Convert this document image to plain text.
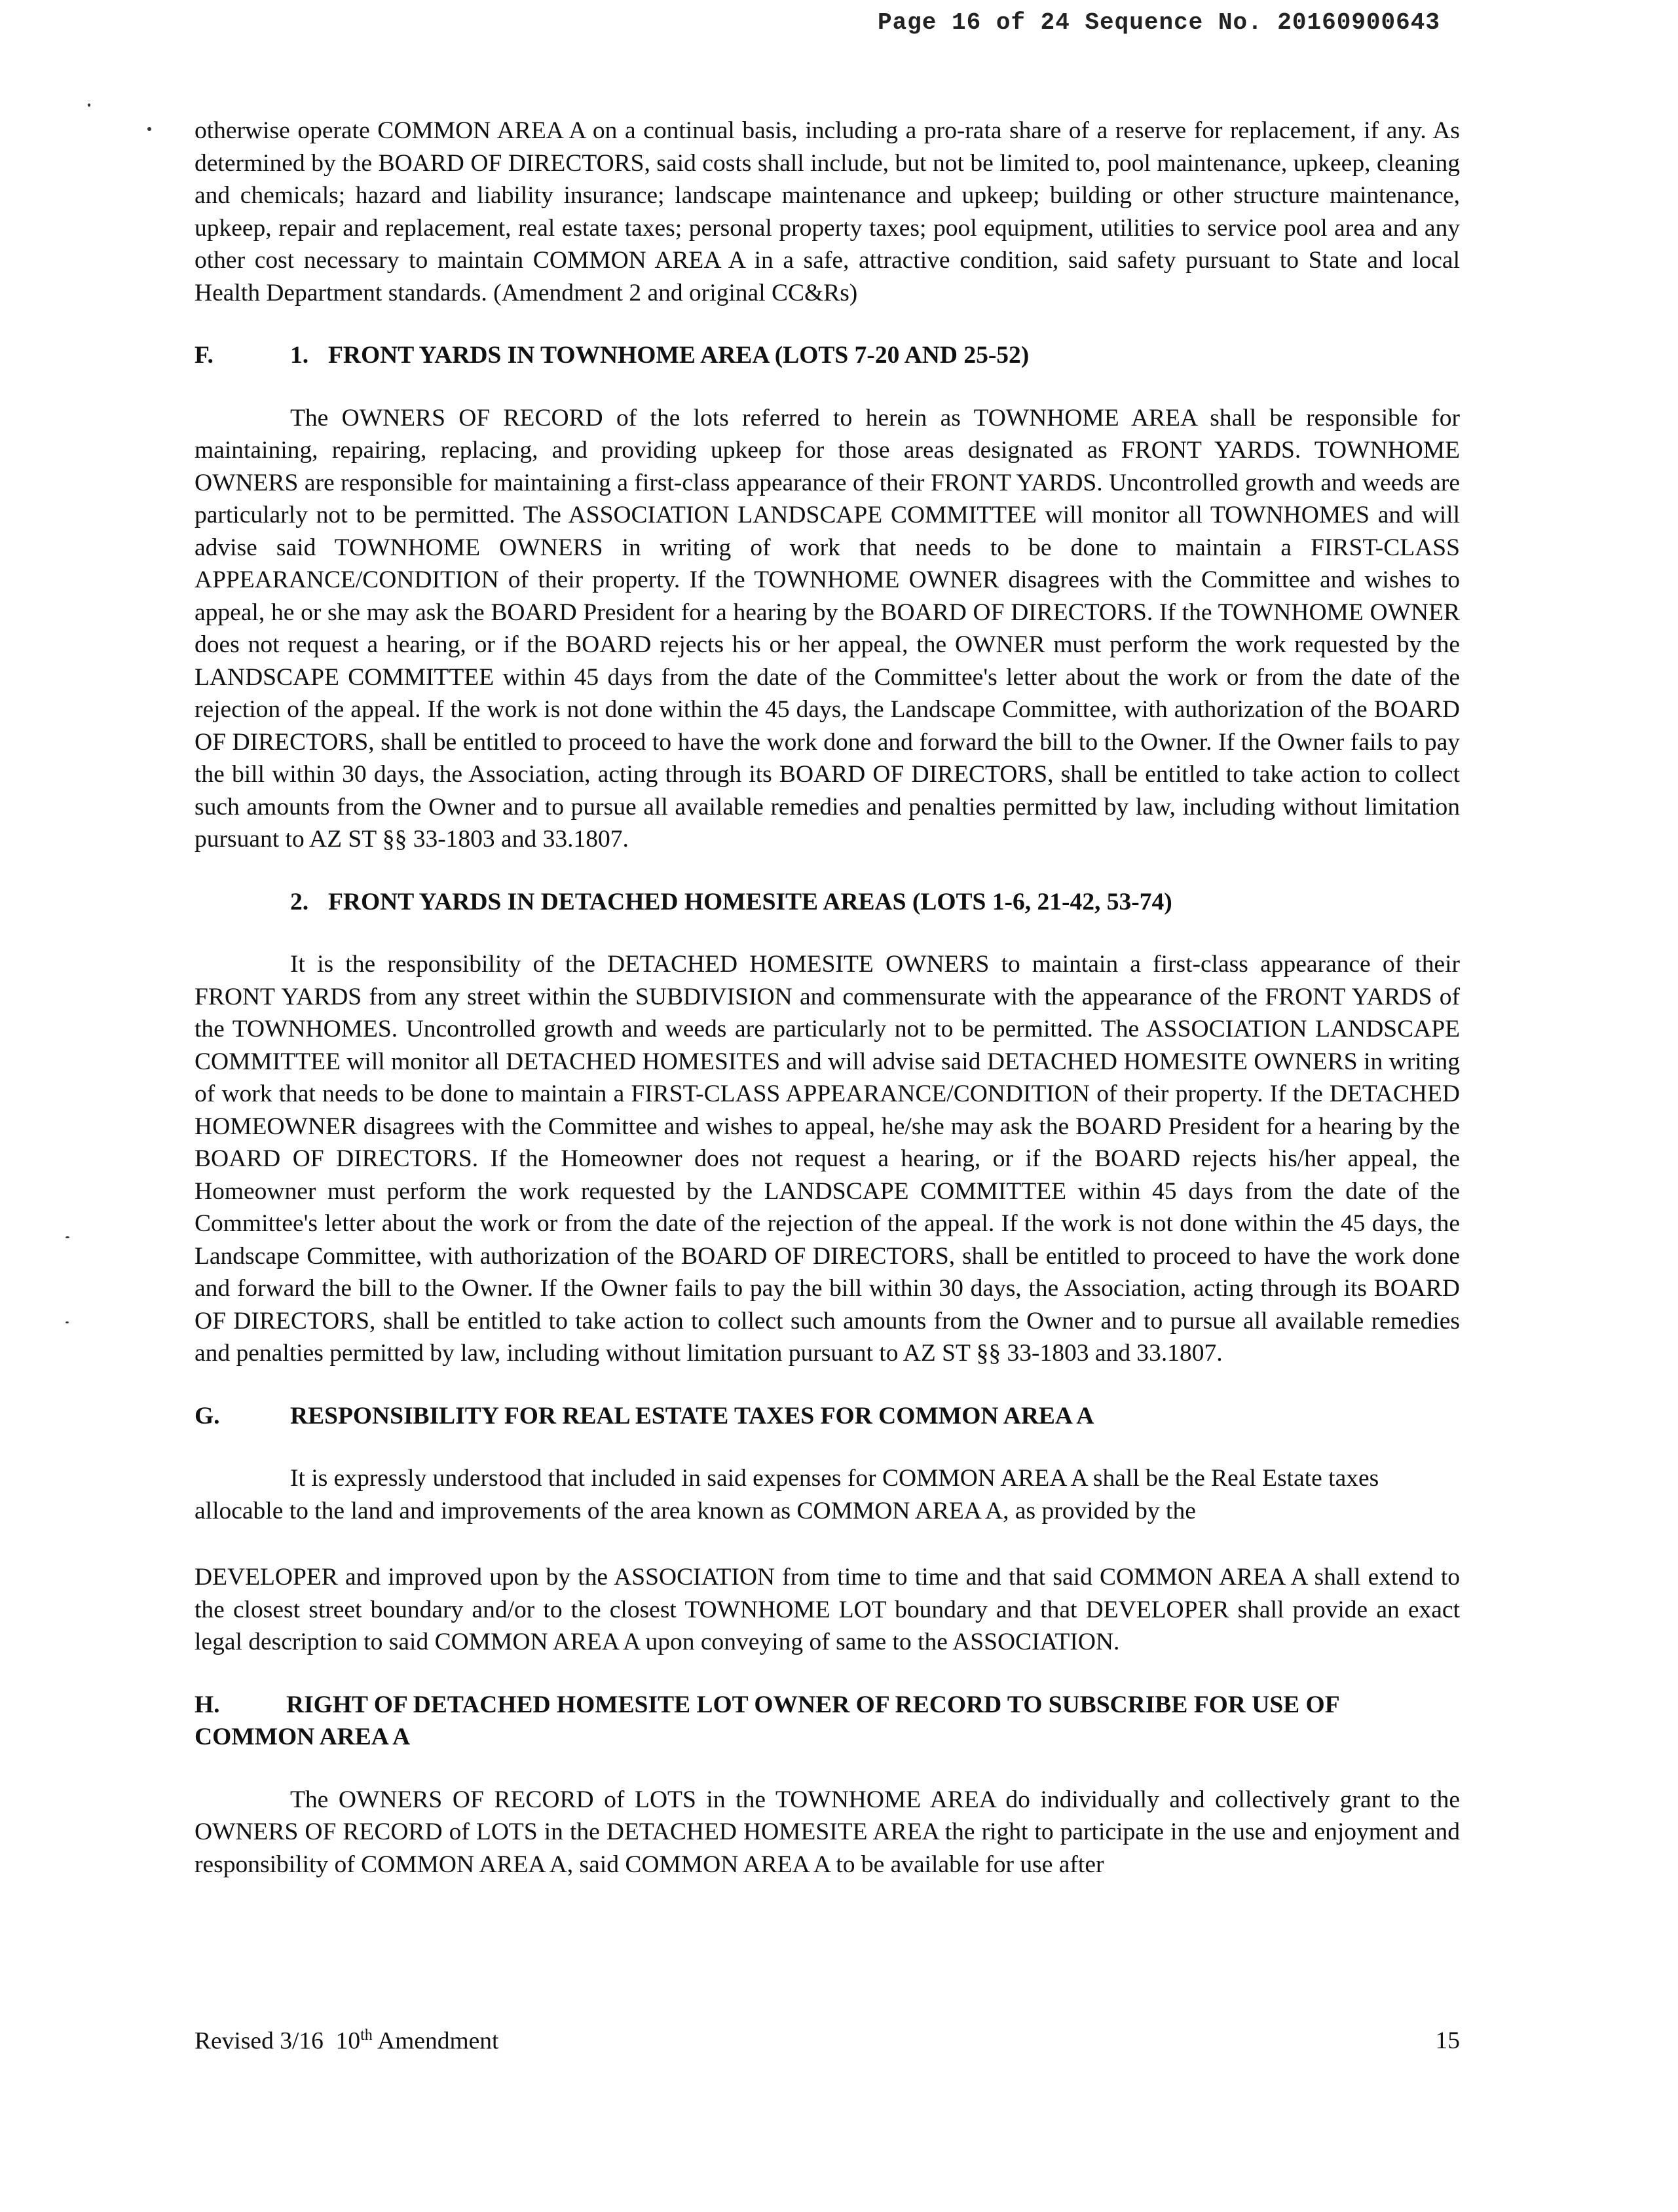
Page 16 of 24 Sequence No. 20160900643

otherwise operate COMMON AREA A on a continual basis, including a pro-rata share of a reserve for replacement, if any. As determined by the BOARD OF DIRECTORS, said costs shall include, but not be limited to, pool maintenance, upkeep, cleaning and chemicals; hazard and liability insurance; landscape maintenance and upkeep; building or other structure maintenance, upkeep, repair and replacement, real estate taxes; personal property taxes; pool equipment, utilities to service pool area and any other cost necessary to maintain COMMON AREA A in a safe, attractive condition, said safety pursuant to State and local Health Department standards. (Amendment 2 and original CC&Rs)

F.	1. FRONT YARDS IN TOWNHOME AREA (LOTS 7-20 AND 25-52)

The OWNERS OF RECORD of the lots referred to herein as TOWNHOME AREA shall be responsible for maintaining, repairing, replacing, and providing upkeep for those areas designated as FRONT YARDS. TOWNHOME OWNERS are responsible for maintaining a first-class appearance of their FRONT YARDS. Uncontrolled growth and weeds are particularly not to be permitted. The ASSOCIATION LANDSCAPE COMMITTEE will monitor all TOWNHOMES and will advise said TOWNHOME OWNERS in writing of work that needs to be done to maintain a FIRST-CLASS APPEARANCE/CONDITION of their property. If the TOWNHOME OWNER disagrees with the Committee and wishes to appeal, he or she may ask the BOARD President for a hearing by the BOARD OF DIRECTORS. If the TOWNHOME OWNER does not request a hearing, or if the BOARD rejects his or her appeal, the OWNER must perform the work requested by the LANDSCAPE COMMITTEE within 45 days from the date of the Committee's letter about the work or from the date of the rejection of the appeal. If the work is not done within the 45 days, the Landscape Committee, with authorization of the BOARD OF DIRECTORS, shall be entitled to proceed to have the work done and forward the bill to the Owner. If the Owner fails to pay the bill within 30 days, the Association, acting through its BOARD OF DIRECTORS, shall be entitled to take action to collect such amounts from the Owner and to pursue all available remedies and penalties permitted by law, including without limitation pursuant to AZ ST §§ 33-1803 and 33.1807.

2. FRONT YARDS IN DETACHED HOMESITE AREAS (LOTS 1-6, 21-42, 53-74)

It is the responsibility of the DETACHED HOMESITE OWNERS to maintain a first-class appearance of their FRONT YARDS from any street within the SUBDIVISION and commensurate with the appearance of the FRONT YARDS of the TOWNHOMES. Uncontrolled growth and weeds are particularly not to be permitted. The ASSOCIATION LANDSCAPE COMMITTEE will monitor all DETACHED HOMESITES and will advise said DETACHED HOMESITE OWNERS in writing of work that needs to be done to maintain a FIRST-CLASS APPEARANCE/CONDITION of their property. If the DETACHED HOMEOWNER disagrees with the Committee and wishes to appeal, he/she may ask the BOARD President for a hearing by the BOARD OF DIRECTORS. If the Homeowner does not request a hearing, or if the BOARD rejects his/her appeal, the Homeowner must perform the work requested by the LANDSCAPE COMMITTEE within 45 days from the date of the Committee's letter about the work or from the date of the rejection of the appeal. If the work is not done within the 45 days, the Landscape Committee, with authorization of the BOARD OF DIRECTORS, shall be entitled to proceed to have the work done and forward the bill to the Owner. If the Owner fails to pay the bill within 30 days, the Association, acting through its BOARD OF DIRECTORS, shall be entitled to take action to collect such amounts from the Owner and to pursue all available remedies and penalties permitted by law, including without limitation pursuant to AZ ST §§ 33-1803 and 33.1807.

G.	RESPONSIBILITY FOR REAL ESTATE TAXES FOR COMMON AREA A

It is expressly understood that included in said expenses for COMMON AREA A shall be the Real Estate taxes allocable to the land and improvements of the area known as COMMON AREA A, as provided by the

DEVELOPER and improved upon by the ASSOCIATION from time to time and that said COMMON AREA A shall extend to the closest street boundary and/or to the closest TOWNHOME LOT boundary and that DEVELOPER shall provide an exact legal description to said COMMON AREA A upon conveying of same to the ASSOCIATION.

H.	RIGHT OF DETACHED HOMESITE LOT OWNER OF RECORD TO SUBSCRIBE FOR USE OF COMMON AREA A

The OWNERS OF RECORD of LOTS in the TOWNHOME AREA do individually and collectively grant to the OWNERS OF RECORD of LOTS in the DETACHED HOMESITE AREA the right to participate in the use and enjoyment and responsibility of COMMON AREA A, said COMMON AREA A to be available for use after

Revised 3/16 10th Amendment	15
